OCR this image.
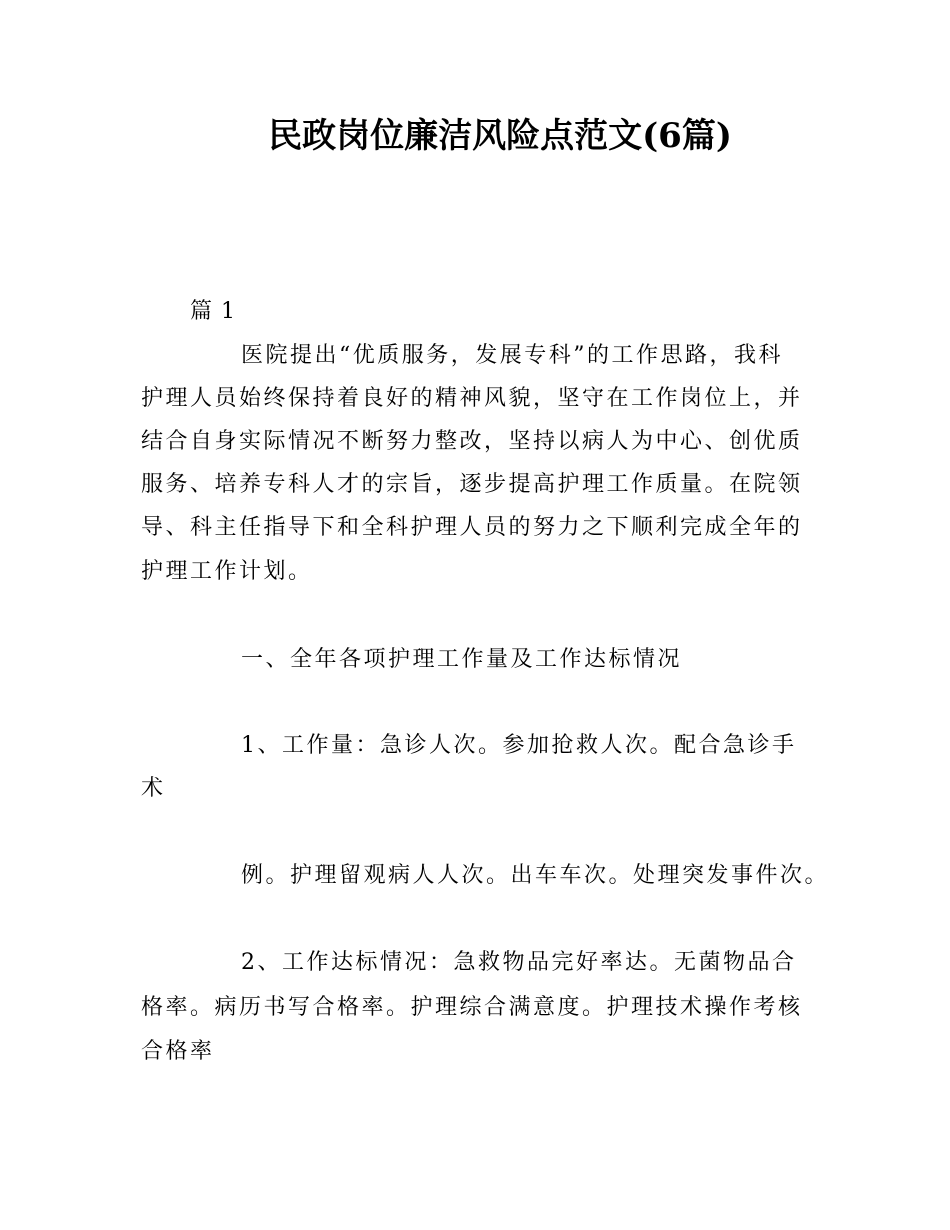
民政岗位廉洁风险点范文(6篇)
篇 1
医院提出“优质服务，发展专科”的工作思路，我科
护理人员始终保持着良好的精神风貌，坚守在工作岗位上，并
结合自身实际情况不断努力整改，坚持以病人为中心、创优质
服务、培养专科人才的宗旨，逐步提高护理工作质量。在院领
导、科主任指导下和全科护理人员的努力之下顺利完成全年的
护理工作计划。
一、全年各项护理工作量及工作达标情况
1、工作量：急诊人次。参加抢救人次。配合急诊手
术
例。护理留观病人人次。出车车次。处理突发事件次。
2、工作达标情况：急救物品完好率达。无菌物品合
格率。病历书写合格率。护理综合满意度。护理技术操作考核
合格率
